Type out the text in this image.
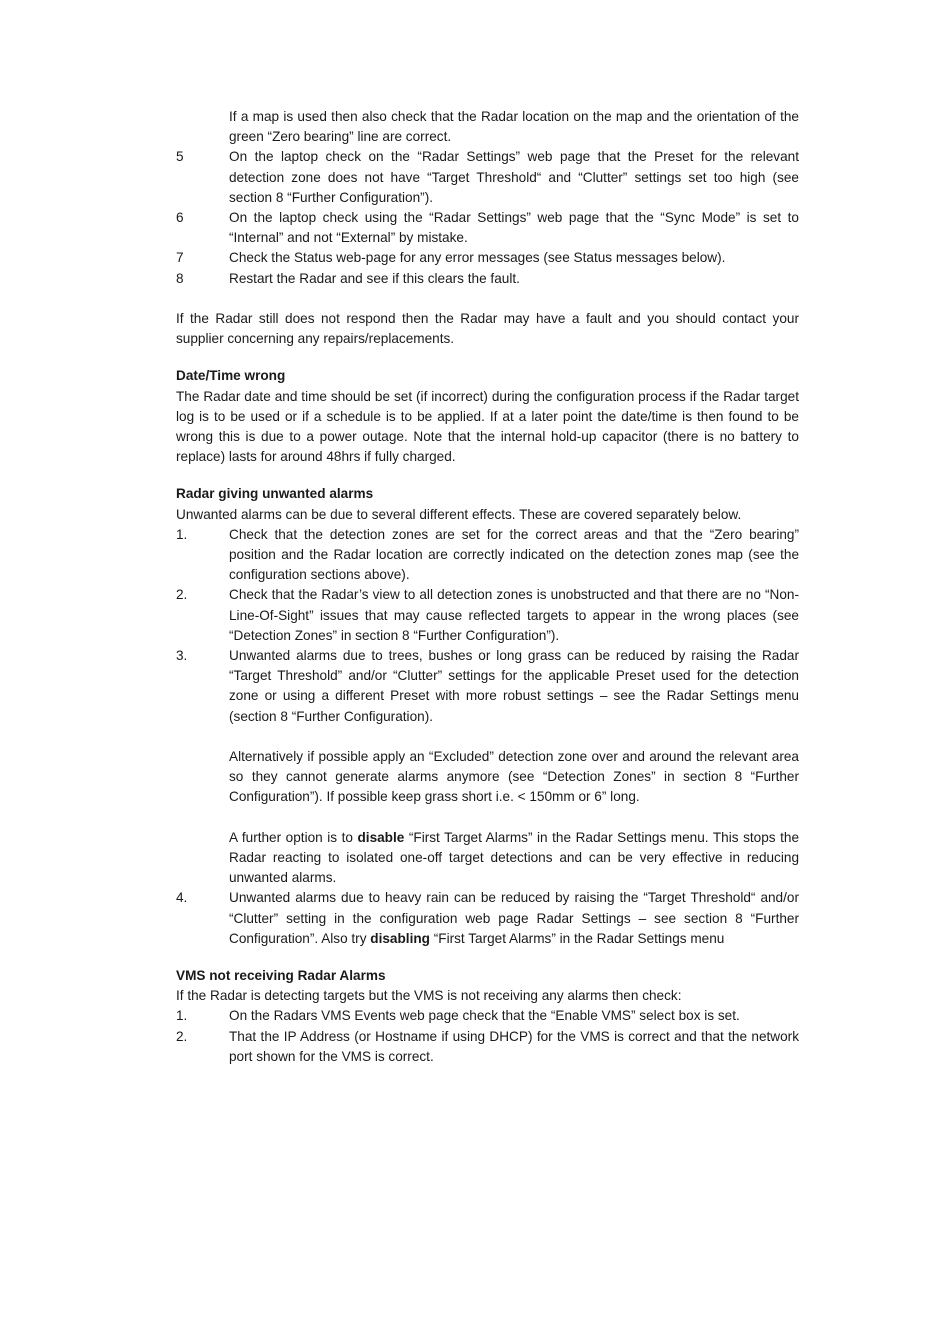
If a map is used then also check that the Radar location on the map and the orientation of the green “Zero bearing” line are correct.

5	On the laptop check on the “Radar Settings” web page that the Preset for the relevant detection zone does not have “Target Threshold“ and “Clutter” settings set too high (see section 8 “Further Configuration”).
6	On the laptop check using the “Radar Settings” web page that the “Sync Mode” is set to “Internal” and not “External” by mistake.
7	Check the Status web-page for any error messages (see Status messages below).
8	Restart the Radar and see if this clears the fault.

If the Radar still does not respond then the Radar may have a fault and you should contact your supplier concerning any repairs/replacements.

Date/Time wrong

The Radar date and time should be set (if incorrect) during the configuration process if the Radar target log is to be used or if a schedule is to be applied. If at a later point the date/time is then found to be wrong this is due to a power outage. Note that the internal hold-up capacitor (there is no battery to replace) lasts for around 48hrs if fully charged.

Radar giving unwanted alarms

Unwanted alarms can be due to several different effects. These are covered separately below.

1.	Check that the detection zones are set for the correct areas and that the “Zero bearing” position and the Radar location are correctly indicated on the detection zones map (see the configuration sections above).
2.	Check that the Radar’s view to all detection zones is unobstructed and that there are no “Non-Line-Of-Sight” issues that may cause reflected targets to appear in the wrong places (see “Detection Zones” in section 8 “Further Configuration”).
3.	Unwanted alarms due to trees, bushes or long grass can be reduced by raising the Radar “Target Threshold” and/or “Clutter” settings for the applicable Preset used for the detection zone or using a different Preset with more robust settings – see the Radar Settings menu (section 8 “Further Configuration).

Alternatively if possible apply an “Excluded” detection zone over and around the relevant area so they cannot generate alarms anymore (see “Detection Zones” in section 8 “Further Configuration”). If possible keep grass short i.e. < 150mm or 6” long.

A further option is to disable “First Target Alarms” in the Radar Settings menu. This stops the Radar reacting to isolated one-off target detections and can be very effective in reducing unwanted alarms.

4.	Unwanted alarms due to heavy rain can be reduced by raising the “Target Threshold“ and/or “Clutter” setting in the configuration web page Radar Settings – see section 8 “Further Configuration”. Also try disabling “First Target Alarms” in the Radar Settings menu

VMS not receiving Radar Alarms

If the Radar is detecting targets but the VMS is not receiving any alarms then check:

1.	On the Radars VMS Events web page check that the “Enable VMS” select box is set.
2.	That the IP Address (or Hostname if using DHCP) for the VMS is correct and that the network port shown for the VMS is correct.
